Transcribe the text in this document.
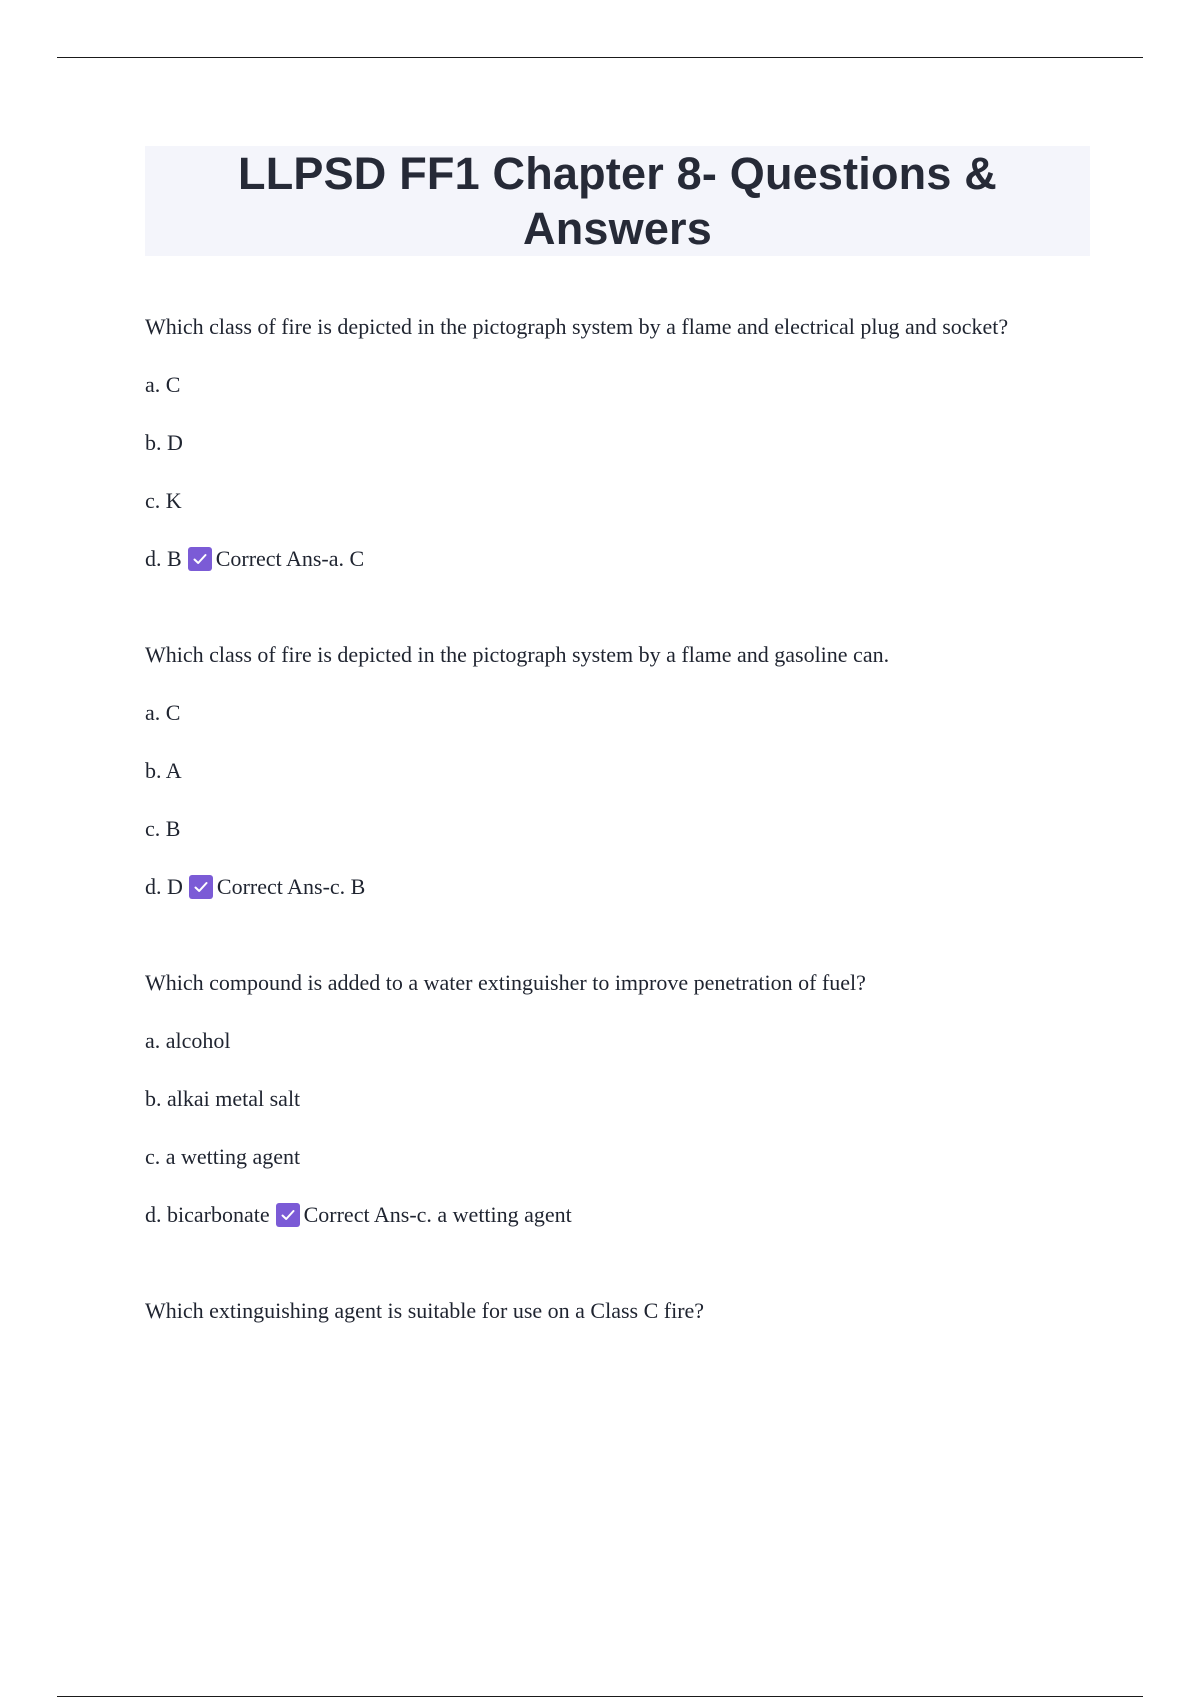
LLPSD FF1 Chapter 8- Questions & Answers

Which class of fire is depicted in the pictograph system by a flame and electrical plug and socket?

a. C

b. D

c. K

d. B Correct Ans-a. C

Which class of fire is depicted in the pictograph system by a flame and gasoline can.

a. C

b. A

c. B

d. D Correct Ans-c. B

Which compound is added to a water extinguisher to improve penetration of fuel?

a. alcohol

b. alkai metal salt

c. a wetting agent

d. bicarbonate Correct Ans-c. a wetting agent

Which extinguishing agent is suitable for use on a Class C fire?
